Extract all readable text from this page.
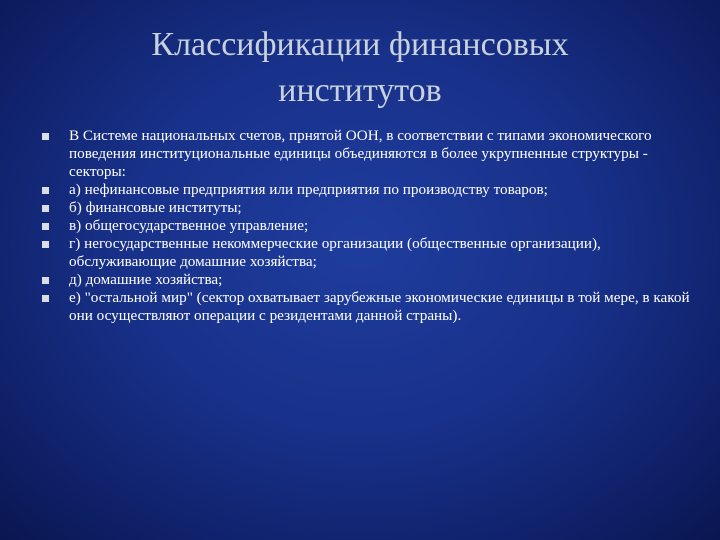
Классификации финансовых
институтов
В Системе национальных счетов, прнятой ООН, в соответствии с типами экономического поведения институциональные единицы объединяются в более укрупненные структуры - секторы:
а) нефинансовые предприятия или предприятия по производству товаров;
б) финансовые институты;
в) общегосударственное управление;
г) негосударственные некоммерческие организации (общественные организации), обслуживающие домашние хозяйства;
д) домашние хозяйства;
е) "остальной мир" (сектор охватывает зарубежные экономические единицы в той мере, в какой они осуществляют операции с резидентами данной страны).
